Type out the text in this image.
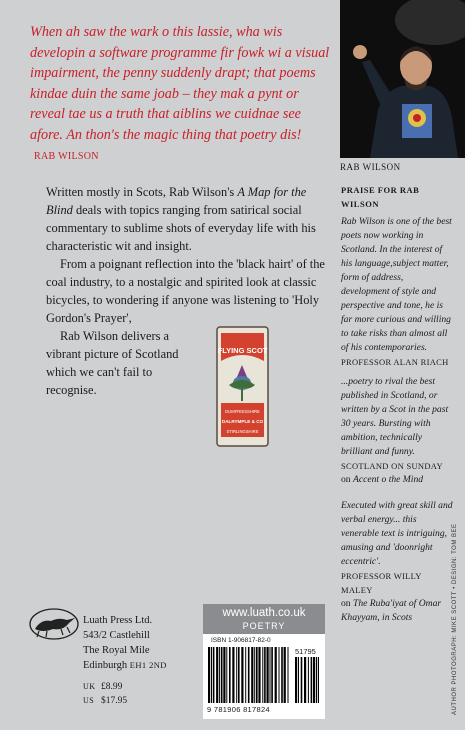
When ah saw the wark o this lassie, wha wis developin a software programme fir fowk wi a visual impairment, the penny suddenly drapt; that poems kindae duin the same joab – they mak a pynt or reveal tae us a truth that aiblins we cuidnae see afore. An thon's the magic thing that poetry dis! RAB WILSON
RAB WILSON

Written mostly in Scots, Rab Wilson's A Map for the Blind deals with topics ranging from satirical social commentary to sublime shots of everyday life with his characteristic wit and insight.

From a poignant reflection into the 'black hairt' of the coal industry, to a nostalgic and spirited look at classic bicycles, to wondering if anyone was listening to 'Holy Gordon's Prayer',
Rab Wilson delivers a vibrant picture of Scotland which we can't fail to recognise.

FLYING SCOT
DUMFRIESSHIRE
DALRYMPLE & CO
STIRLINGSHIRE
PRAISE FOR RAB WILSON

Rab Wilson is one of the best poets now working in Scotland. In the interest of his language,subject matter, form of address, development of style and perspective and tone, he is far more curious and willing to take risks than almost all of his contemporaries.

PROFESSOR ALAN RIACH

...poetry to rival the best published in Scotland, or written by a Scot in the past 30 years. Bursting with ambition, technically brilliant and funny.

SCOTLAND ON SUNDAY

on Accent o the Mind

Executed with great skill and verbal energy... this venerable text is intriguing, amusing and 'doonright eccentric'.

PROFESSOR WILLY MALEY

on The Ruba'iyat of Omar Khayyam, in Scots

Luath Press Ltd.
543/2 Castlehill
The Royal Mile
Edinburgh EH1 2ND
UK £8.99
US $17.95
www.luath.co.uk
POETRY
ISBN 1-906817-82-0
51795
9 781906 817824	AUTHOR PHOTOGRAPH: MIKE SCOTT • DESIGN: TOM BEE
